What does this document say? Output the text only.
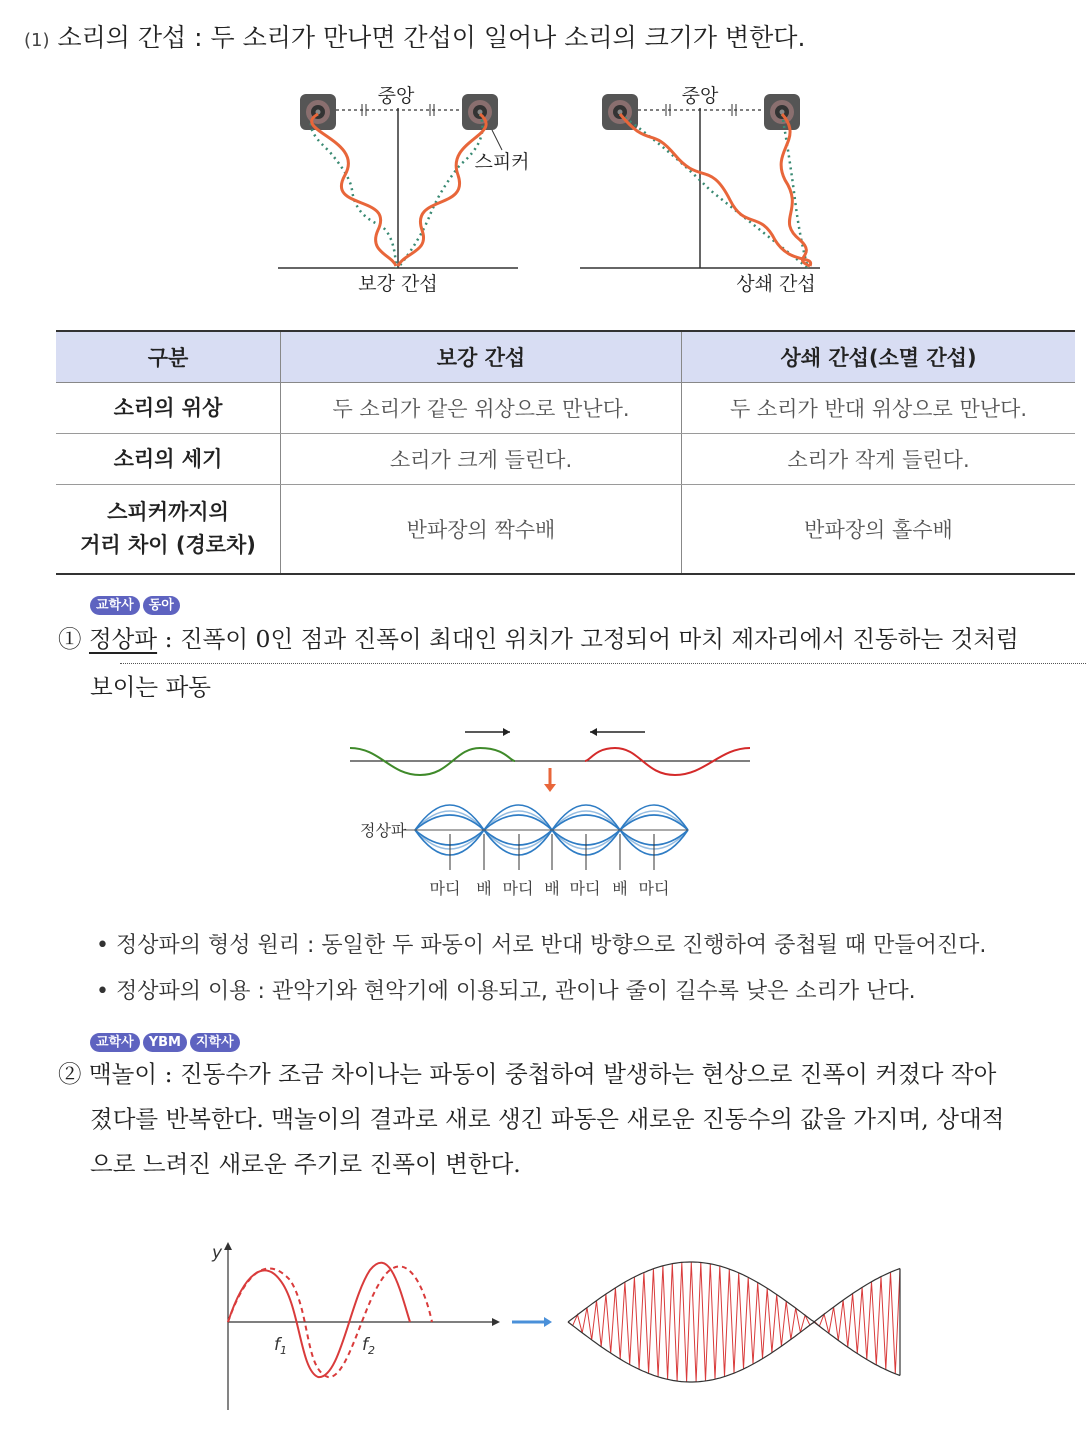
(1) 소리의 간섭 : 두 소리가 만나면 간섭이 일어나 소리의 크기가 변한다.
중앙
스피커
보강 간섭
중앙
상쇄 간섭
구분	보강 간섭	상쇄 간섭(소멸 간섭)
소리의 위상	두 소리가 같은 위상으로 만난다.	두 소리가 반대 위상으로 만난다.
소리의 세기	소리가 크게 들린다.	소리가 작게 들린다.
스피커까지의
거리 차이 (경로차)	반파장의 짝수배	반파장의 홀수배
교학사 동아
① 정상파 : 진폭이 0인 점과 진폭이 최대인 위치가 고정되어 마치 제자리에서 진동하는 것처럼
보이는 파동
정상파
마디 배 마디 배 마디 배 마디
• 정상파의 형성 원리 : 동일한 두 파동이 서로 반대 방향으로 진행하여 중첩될 때 만들어진다.
• 정상파의 이용 : 관악기와 현악기에 이용되고, 관이나 줄이 길수록 낮은 소리가 난다.
교학사 YBM 지학사
② 맥놀이 : 진동수가 조금 차이나는 파동이 중첩하여 발생하는 현상으로 진폭이 커졌다 작아
졌다를 반복한다. 맥놀이의 결과로 새로 생긴 파동은 새로운 진동수의 값을 가지며, 상대적
으로 느려진 새로운 주기로 진폭이 변한다.
y
$f_1$	$f_2$
